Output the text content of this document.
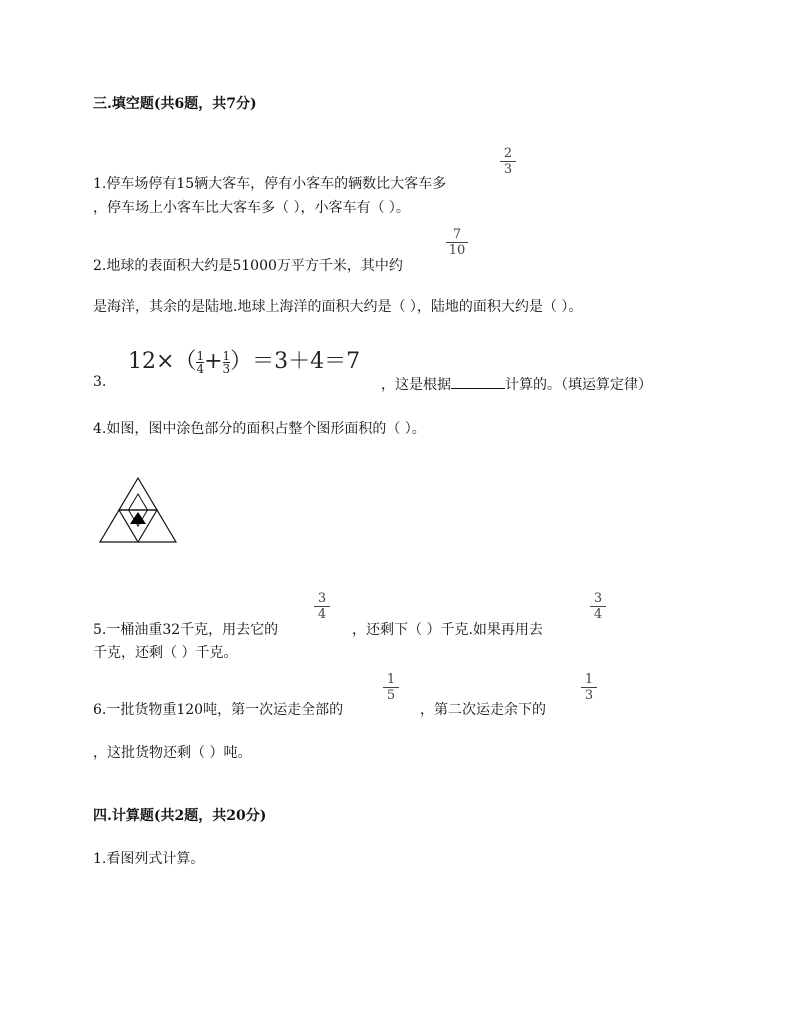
三.填空题(共6题，共7分)
2
3
1.停车场停有15辆大客车，停有小客车的辆数比大客车多
，停车场上小客车比大客车多（ ），小客车有（ ）。
7
10
2.地球的表面积大约是51000万平方千米，其中约
是海洋，其余的是陆地.地球上海洋的面积大约是（ ），陆地的面积大约是（ ）。
$12\times( \frac{1}{4} + \frac{1}{3} )=3+4=7$
3.	，这是根据	计算的。（填运算定律）
4.如图，图中涂色部分的面积占整个图形面积的（ ）。
3
4
3
4
5.一桶油重32千克，用去它的	，还剩下（ ）千克.如果再用去
千克，还剩（ ）千克。
1
5
1
3
6.一批货物重120吨，第一次运走全部的	，第二次运走余下的
，这批货物还剩（ ）吨。
四.计算题(共2题，共20分)
1.看图列式计算。
